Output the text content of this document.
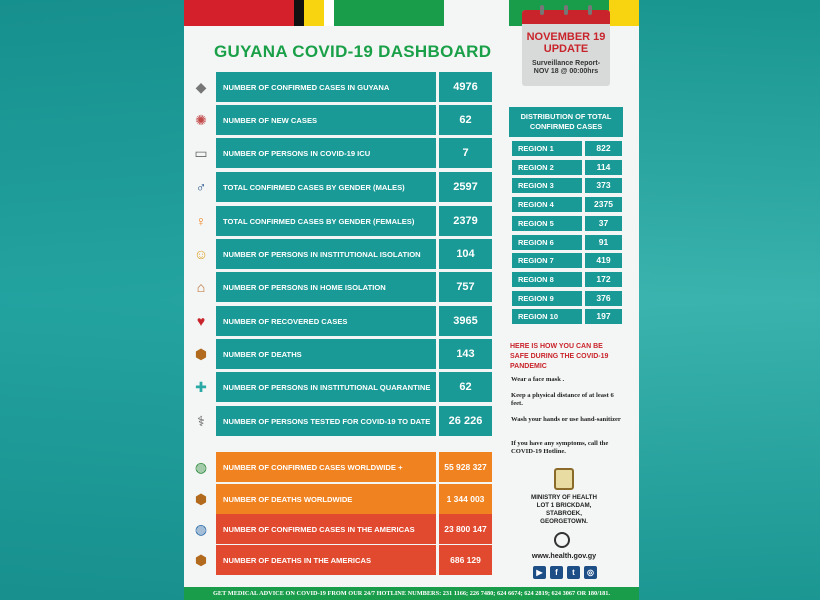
GUYANA COVID-19 DASHBOARD
NOVEMBER 19
UPDATE
Surveillance Report-
NOV 18 @ 00:00hrs
◆	NUMBER OF CONFIRMED CASES IN GUYANA	4976
✺	NUMBER OF NEW CASES	62
▭	NUMBER OF PERSONS IN COVID-19 ICU	7
♂	TOTAL CONFIRMED CASES BY GENDER (MALES)	2597
♀	TOTAL CONFIRMED CASES BY GENDER (FEMALES)	2379
☺	NUMBER OF PERSONS IN INSTITUTIONAL ISOLATION	104
⌂	NUMBER OF PERSONS IN HOME ISOLATION	757
♥	NUMBER OF RECOVERED CASES	3965
⬢	NUMBER OF DEATHS	143
✚	NUMBER OF PERSONS IN INSTITUTIONAL QUARANTINE	62
⚕	NUMBER OF PERSONS TESTED FOR COVID-19 TO DATE	26 226
◍	NUMBER OF CONFIRMED CASES WORLDWIDE +	55 928 327
⬢	NUMBER OF DEATHS WORLDWIDE	1 344 003
◍	NUMBER OF CONFIRMED CASES IN THE AMERICAS	23 800 147
⬢	NUMBER OF DEATHS IN THE AMERICAS	686 129
DISTRIBUTION OF TOTAL CONFIRMED CASES
REGION 1	822
REGION 2	114
REGION 3	373
REGION 4	2375
REGION 5	37
REGION 6	91
REGION 7	419
REGION 8	172
REGION 9	376
REGION 10	197
HERE IS HOW YOU CAN BE SAFE DURING THE COVID-19 PANDEMIC
Wear a face mask .
Keep a physical distance of at least 6 feet.
Wash your hands or use hand-sanitizer
If you have any symptoms, call the COVID-19 Hotline.
MINISTRY OF HEALTH
LOT 1 BRICKDAM,
STABROEK,
GEORGETOWN.
www.health.gov.gy
▶	f	t	◎
GET MEDICAL ADVICE ON COVID-19 FROM OUR 24/7 HOTLINE NUMBERS: 231 1166; 226 7480; 624 6674; 624 2819; 624 3067 OR 180/181.
